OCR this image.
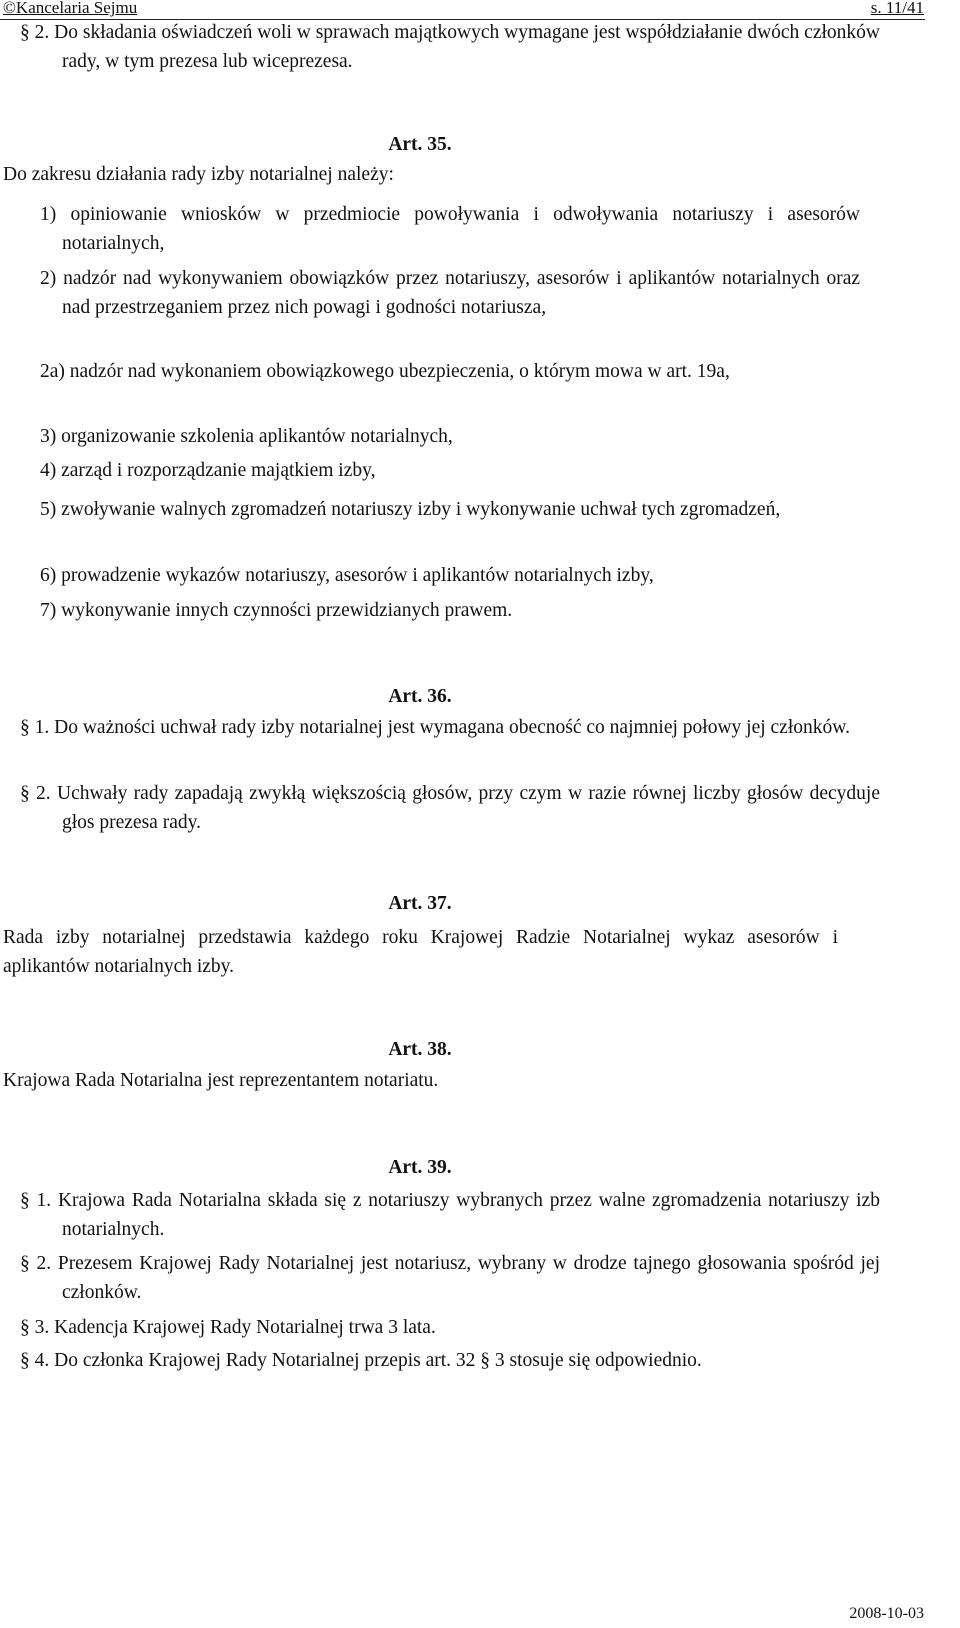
©Kancelaria Sejmu	s. 11/41

§ 2. Do składania oświadczeń woli w sprawach majątkowych wymagane jest współdziałanie dwóch członków rady, w tym prezesa lub wiceprezesa.

Art. 35.

Do zakresu działania rady izby notarialnej należy:

1) opiniowanie wniosków w przedmiocie powoływania i odwoływania notariuszy i asesorów notarialnych,

2) nadzór nad wykonywaniem obowiązków przez notariuszy, asesorów i aplikantów notarialnych oraz nad przestrzeganiem przez nich powagi i godności notariusza,

2a) nadzór nad wykonaniem obowiązkowego ubezpieczenia, o którym mowa w art. 19a,

3) organizowanie szkolenia aplikantów notarialnych,

4) zarząd i rozporządzanie majątkiem izby,

5) zwoływanie walnych zgromadzeń notariuszy izby i wykonywanie uchwał tych zgromadzeń,

6) prowadzenie wykazów notariuszy, asesorów i aplikantów notarialnych izby,

7) wykonywanie innych czynności przewidzianych prawem.

Art. 36.

§ 1. Do ważności uchwał rady izby notarialnej jest wymagana obecność co najmniej połowy jej członków.

§ 2. Uchwały rady zapadają zwykłą większością głosów, przy czym w razie równej liczby głosów decyduje głos prezesa rady.

Art. 37.

Rada izby notarialnej przedstawia każdego roku Krajowej Radzie Notarialnej wykaz asesorów i aplikantów notarialnych izby.

Art. 38.

Krajowa Rada Notarialna jest reprezentantem notariatu.

Art. 39.

§ 1. Krajowa Rada Notarialna składa się z notariuszy wybranych przez walne zgromadzenia notariuszy izb notarialnych.

§ 2. Prezesem Krajowej Rady Notarialnej jest notariusz, wybrany w drodze tajnego głosowania spośród jej członków.

§ 3. Kadencja Krajowej Rady Notarialnej trwa 3 lata.

§ 4. Do członka Krajowej Rady Notarialnej przepis art. 32 § 3 stosuje się odpowiednio.

2008-10-03
